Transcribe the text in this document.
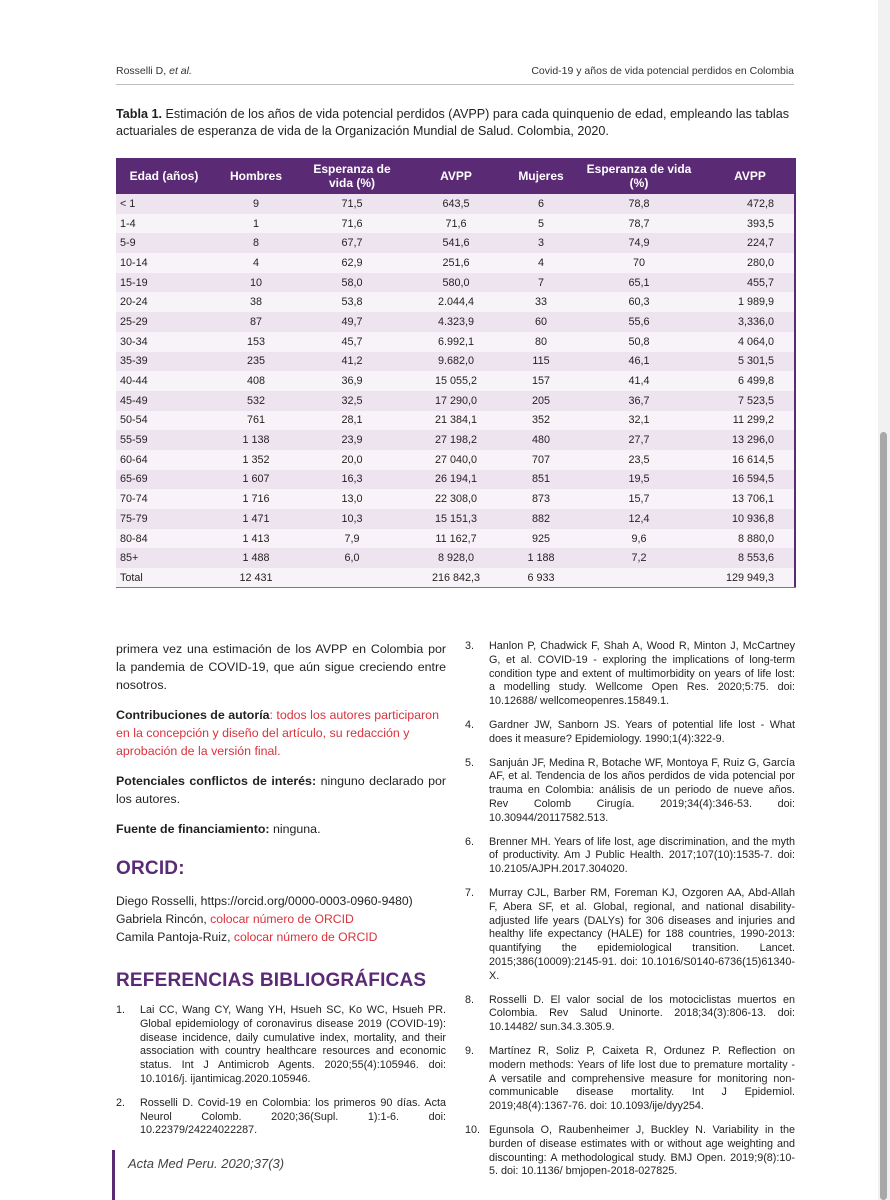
Rosselli D, et al.	Covid-19 y años de vida potencial perdidos en Colombia
Tabla 1. Estimación de los años de vida potencial perdidos (AVPP) para cada quinquenio de edad, empleando las tablas actuariales de esperanza de vida de la Organización Mundial de Salud. Colombia, 2020.
Edad (años)	Hombres	Esperanza de vida (%)	AVPP	Mujeres	Esperanza de vida (%)	AVPP
< 1	9	71,5	643,5	6	78,8	472,8
1-4	1	71,6	71,6	5	78,7	393,5
5-9	8	67,7	541,6	3	74,9	224,7
10-14	4	62,9	251,6	4	70	280,0
15-19	10	58,0	580,0	7	65,1	455,7
20-24	38	53,8	2.044,4	33	60,3	1 989,9
25-29	87	49,7	4.323,9	60	55,6	3,336,0
30-34	153	45,7	6.992,1	80	50,8	4 064,0
35-39	235	41,2	9.682,0	115	46,1	5 301,5
40-44	408	36,9	15 055,2	157	41,4	6 499,8
45-49	532	32,5	17 290,0	205	36,7	7 523,5
50-54	761	28,1	21 384,1	352	32,1	11 299,2
55-59	1 138	23,9	27 198,2	480	27,7	13 296,0
60-64	1 352	20,0	27 040,0	707	23,5	16 614,5
65-69	1 607	16,3	26 194,1	851	19,5	16 594,5
70-74	1 716	13,0	22 308,0	873	15,7	13 706,1
75-79	1 471	10,3	15 151,3	882	12,4	10 936,8
80-84	1 413	7,9	11 162,7	925	9,6	8 880,0
85+	1 488	6,0	8 928,0	1 188	7,2	8 553,6
Total	12 431		216 842,3	6 933		129 949,3

primera vez una estimación de los AVPP en Colombia por la pandemia de COVID-19, que aún sigue creciendo entre nosotros.

Contribuciones de autoría: todos los autores participaron en la concepción y diseño del artículo, su redacción y aprobación de la versión final.

Potenciales conflictos de interés: ninguno declarado por los autores.

Fuente de financiamiento: ninguna.

ORCID:
Diego Rosselli, https://orcid.org/0000-0003-0960-9480)
Gabriela Rincón, colocar número de ORCID
Camila Pantoja-Ruiz, colocar número de ORCID
REFERENCIAS BIBLIOGRÁFICAS
1. Lai CC, Wang CY, Wang YH, Hsueh SC, Ko WC, Hsueh PR. Global epidemiology of coronavirus disease 2019 (COVID-19): disease incidence, daily cumulative index, mortality, and their association with country healthcare resources and economic status. Int J Antimicrob Agents. 2020;55(4):105946. doi: 10.1016/j. ijantimicag.2020.105946.
2. Rosselli D. Covid-19 en Colombia: los primeros 90 días. Acta Neurol Colomb. 2020;36(Supl. 1):1-6. doi: 10.22379/24224022287.
3. Hanlon P, Chadwick F, Shah A, Wood R, Minton J, McCartney G, et al. COVID-19 - exploring the implications of long-term condition type and extent of multimorbidity on years of life lost: a modelling study. Wellcome Open Res. 2020;5:75. doi: 10.12688/ wellcomeopenres.15849.1.
4. Gardner JW, Sanborn JS. Years of potential life lost - What does it measure? Epidemiology. 1990;1(4):322-9.
5. Sanjuán JF, Medina R, Botache WF, Montoya F, Ruiz G, García AF, et al. Tendencia de los años perdidos de vida potencial por trauma en Colombia: análisis de un periodo de nueve años. Rev Colomb Cirugía. 2019;34(4):346-53. doi: 10.30944/20117582.513.
6. Brenner MH. Years of life lost, age discrimination, and the myth of productivity. Am J Public Health. 2017;107(10):1535-7. doi: 10.2105/AJPH.2017.304020.
7. Murray CJL, Barber RM, Foreman KJ, Ozgoren AA, Abd-Allah F, Abera SF, et al. Global, regional, and national disability-adjusted life years (DALYs) for 306 diseases and injuries and healthy life expectancy (HALE) for 188 countries, 1990-2013: quantifying the epidemiological transition. Lancet. 2015;386(10009):2145-91. doi: 10.1016/S0140-6736(15)61340-X.
8. Rosselli D. El valor social de los motociclistas muertos en Colombia. Rev Salud Uninorte. 2018;34(3):806-13. doi: 10.14482/ sun.34.3.305.9.
9. Martínez R, Soliz P, Caixeta R, Ordunez P. Reflection on modern methods: Years of life lost due to premature mortality - A versatile and comprehensive measure for monitoring non-communicable disease mortality. Int J Epidemiol. 2019;48(4):1367-76. doi: 10.1093/ije/dyy254.
10. Egunsola O, Raubenheimer J, Buckley N. Variability in the burden of disease estimates with or without age weighting and discounting: A methodological study. BMJ Open. 2019;9(8):10-5. doi: 10.1136/ bmjopen-2018-027825.
Acta Med Peru. 2020;37(3)
